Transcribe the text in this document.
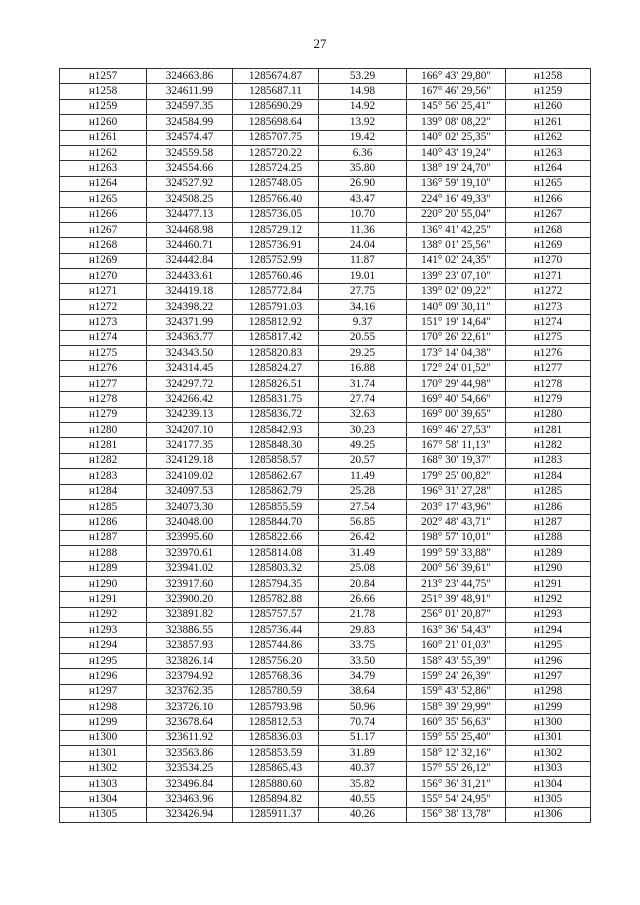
27
н1257	324663.86	1285674.87	53.29	166° 43' 29,80"	н1258
н1258	324611.99	1285687.11	14.98	167° 46' 29,56"	н1259
н1259	324597.35	1285690.29	14.92	145° 56' 25,41"	н1260
н1260	324584.99	1285698.64	13.92	139° 08' 08,22"	н1261
н1261	324574.47	1285707.75	19.42	140° 02' 25,35"	н1262
н1262	324559.58	1285720.22	6.36	140° 43' 19,24"	н1263
н1263	324554.66	1285724.25	35.80	138° 19' 24,70"	н1264
н1264	324527.92	1285748.05	26.90	136° 59' 19,10"	н1265
н1265	324508.25	1285766.40	43.47	224° 16' 49,33"	н1266
н1266	324477.13	1285736.05	10.70	220° 20' 55,04"	н1267
н1267	324468.98	1285729.12	11.36	136° 41' 42,25"	н1268
н1268	324460.71	1285736.91	24.04	138° 01' 25,56"	н1269
н1269	324442.84	1285752.99	11.87	141° 02' 24,35"	н1270
н1270	324433.61	1285760.46	19.01	139° 23' 07,10"	н1271
н1271	324419.18	1285772.84	27.75	139° 02' 09,22"	н1272
н1272	324398.22	1285791.03	34.16	140° 09' 30,11"	н1273
н1273	324371.99	1285812.92	9.37	151° 19' 14,64"	н1274
н1274	324363.77	1285817.42	20.55	170° 26' 22,61"	н1275
н1275	324343.50	1285820.83	29.25	173° 14' 04,38"	н1276
н1276	324314.45	1285824.27	16.88	172° 24' 01,52"	н1277
н1277	324297.72	1285826.51	31.74	170° 29' 44,98"	н1278
н1278	324266.42	1285831.75	27.74	169° 40' 54,66"	н1279
н1279	324239.13	1285836.72	32.63	169° 00' 39,65"	н1280
н1280	324207.10	1285842.93	30.23	169° 46' 27,53"	н1281
н1281	324177.35	1285848.30	49.25	167° 58' 11,13"	н1282
н1282	324129.18	1285858.57	20.57	168° 30' 19,37"	н1283
н1283	324109.02	1285862.67	11.49	179° 25' 00,82"	н1284
н1284	324097.53	1285862.79	25.28	196° 31' 27,28"	н1285
н1285	324073.30	1285855.59	27.54	203° 17' 43,96"	н1286
н1286	324048.00	1285844.70	56.85	202° 48' 43,71"	н1287
н1287	323995.60	1285822.66	26.42	198° 57' 10,01"	н1288
н1288	323970.61	1285814.08	31.49	199° 59' 33,88"	н1289
н1289	323941.02	1285803.32	25.08	200° 56' 39,61"	н1290
н1290	323917.60	1285794.35	20.84	213° 23' 44,75"	н1291
н1291	323900.20	1285782.88	26.66	251° 39' 48,91"	н1292
н1292	323891.82	1285757.57	21.78	256° 01' 20,87"	н1293
н1293	323886.55	1285736.44	29.83	163° 36' 54,43"	н1294
н1294	323857.93	1285744.86	33.75	160° 21' 01,03"	н1295
н1295	323826.14	1285756.20	33.50	158° 43' 55,39"	н1296
н1296	323794.92	1285768.36	34.79	159° 24' 26,39"	н1297
н1297	323762.35	1285780.59	38.64	159° 43' 52,86"	н1298
н1298	323726.10	1285793.98	50.96	158° 39' 29,99"	н1299
н1299	323678.64	1285812.53	70.74	160° 35' 56,63"	н1300
н1300	323611.92	1285836.03	51.17	159° 55' 25,40"	н1301
н1301	323563.86	1285853.59	31.89	158° 12' 32,16"	н1302
н1302	323534.25	1285865.43	40.37	157° 55' 26,12"	н1303
н1303	323496.84	1285880.60	35.82	156° 36' 31,21"	н1304
н1304	323463.96	1285894.82	40.55	155° 54' 24,95"	н1305
н1305	323426.94	1285911.37	40.26	156° 38' 13,78"	н1306
